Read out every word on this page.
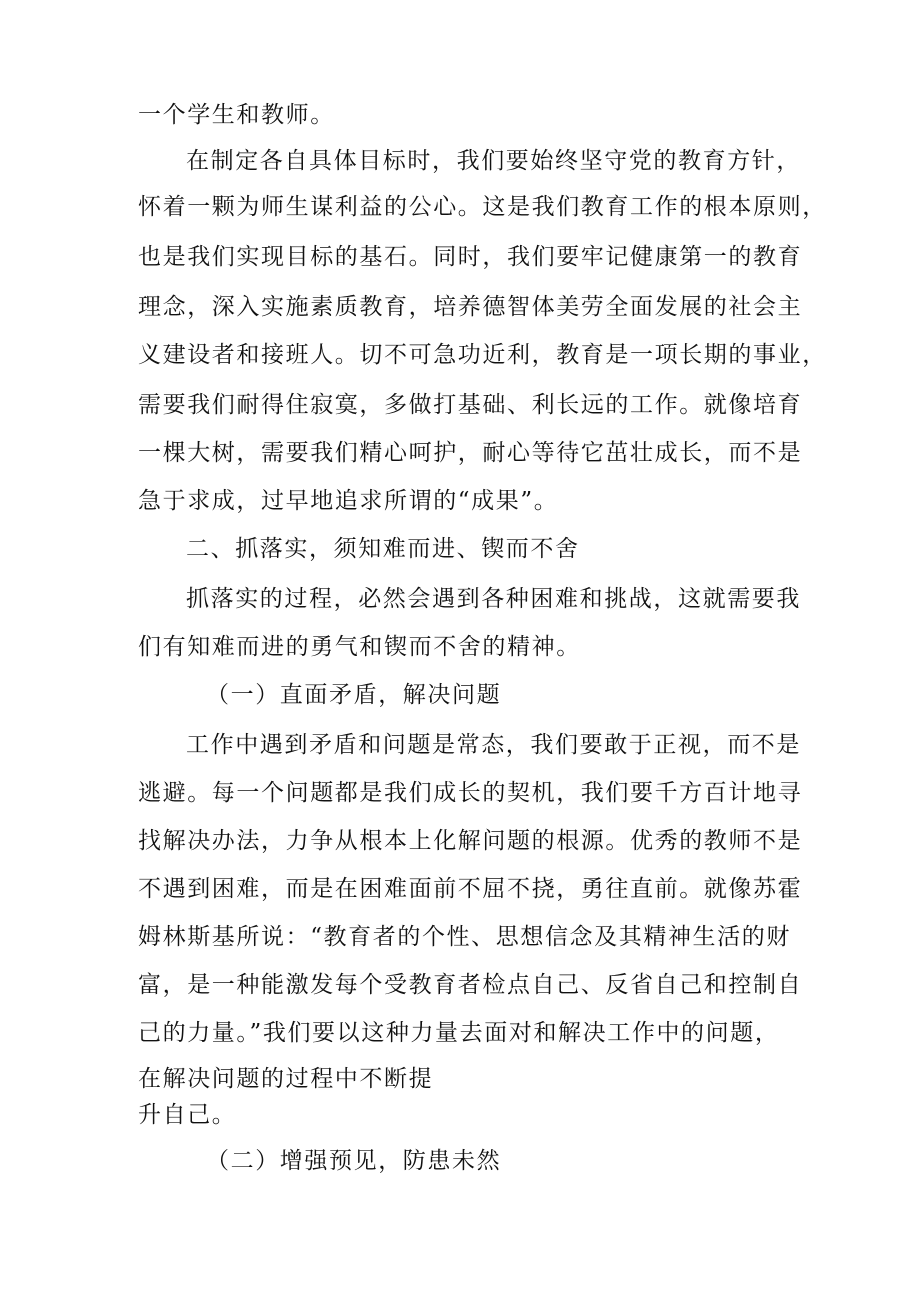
一个学生和教师。
在制定各自具体目标时，我们要始终坚守党的教育方针，
怀着一颗为师生谋利益的公心。这是我们教育工作的根本原则，
也是我们实现目标的基石。同时，我们要牢记健康第一的教育
理念，深入实施素质教育，培养德智体美劳全面发展的社会主
义建设者和接班人。切不可急功近利，教育是一项长期的事业，
需要我们耐得住寂寞，多做打基础、利长远的工作。就像培育
一棵大树，需要我们精心呵护，耐心等待它茁壮成长，而不是
急于求成，过早地追求所谓的“成果”。
二、抓落实，须知难而进、锲而不舍
抓落实的过程，必然会遇到各种困难和挑战，这就需要我
们有知难而进的勇气和锲而不舍的精神。
（一）直面矛盾，解决问题
工作中遇到矛盾和问题是常态，我们要敢于正视，而不是
逃避。每一个问题都是我们成长的契机，我们要千方百计地寻
找解决办法，力争从根本上化解问题的根源。优秀的教师不是
不遇到困难，而是在困难面前不屈不挠，勇往直前。就像苏霍
姆林斯基所说：“教育者的个性、思想信念及其精神生活的财
富，是一种能激发每个受教育者检点自己、反省自己和控制自
己的力量。”我们要以这种力量去面对和解决工作中的问题，
在解决问题的过程中不断提
升自己。
（二）增强预见，防患未然
